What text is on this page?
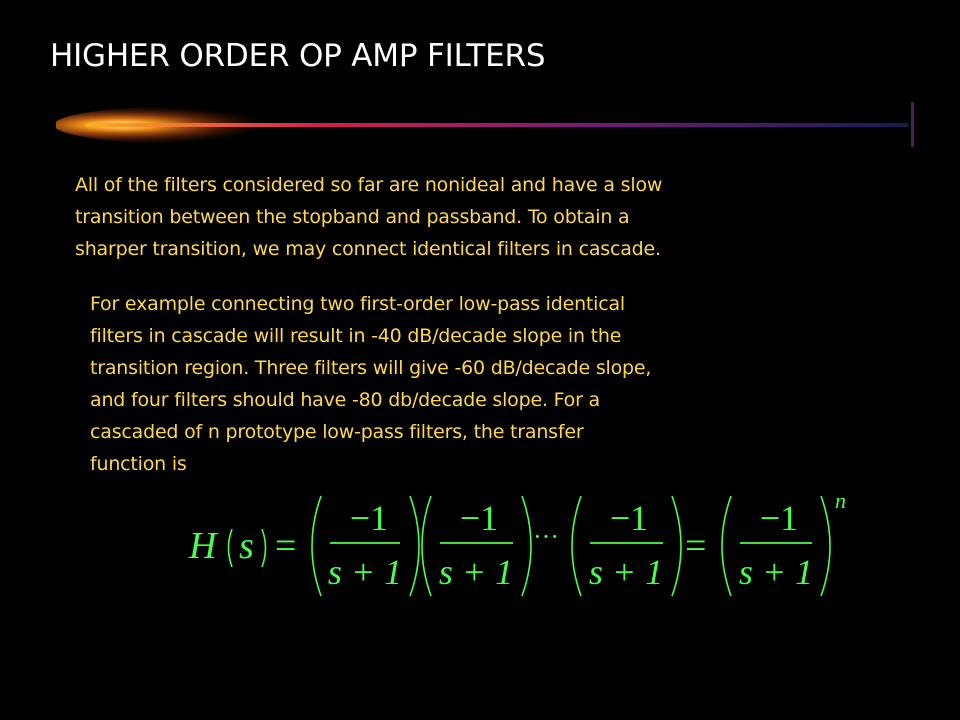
HIGHER ORDER OP AMP FILTERS

All of the filters considered so far are nonideal and have a slow
transition between the stopband and passband. To obtain a
sharper transition, we may connect identical filters in cascade.

For example connecting two first-order low-pass identical
filters in cascade will result in -40 dB/decade slope in the
transition region. Three filters will give -60 dB/decade slope,
and four filters should have -80 db/decade slope. For a
cascaded of n prototype low-pass filters, the transfer
function is

H s =
−1
s + 1
−1
s + 1
··· −1
s + 1
=
−1
s + 1
n
